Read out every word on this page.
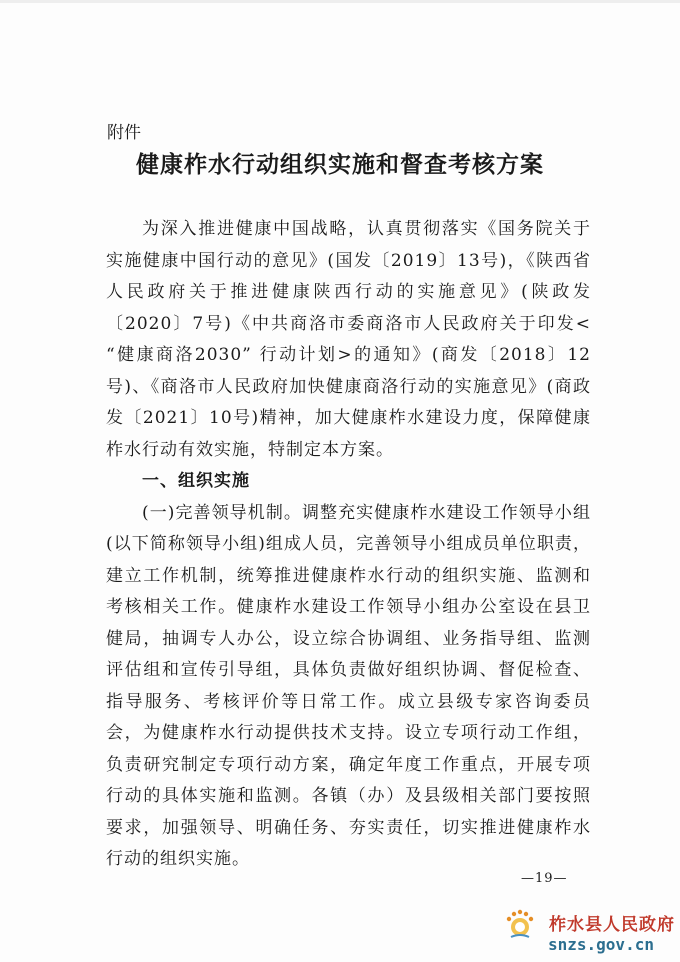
附件
健康柞水行动组织实施和督查考核方案

为深入推进健康中国战略，认真贯彻落实《国务院关于实施健康中国行动的意见》(国发〔2019〕13号)，《陕西省人民政府关于推进健康陕西行动的实施意见》(陕政发〔2020〕7号)《中共商洛市委商洛市人民政府关于印发< “健康商洛2030” 行动计划>的通知》(商发〔2018〕12号)、《商洛市人民政府加快健康商洛行动的实施意见》(商政发〔2021〕10号)精神，加大健康柞水建设力度，保障健康柞水行动有效实施，特制定本方案。

一、组织实施

(一)完善领导机制。调整充实健康柞水建设工作领导小组(以下简称领导小组)组成人员，完善领导小组成员单位职责，建立工作机制，统筹推进健康柞水行动的组织实施、监测和考核相关工作。健康柞水建设工作领导小组办公室设在县卫健局，抽调专人办公，设立综合协调组、业务指导组、监测评估组和宣传引导组，具体负责做好组织协调、督促检查、指导服务、考核评价等日常工作。成立县级专家咨询委员会，为健康柞水行动提供技术支持。设立专项行动工作组，负责研究制定专项行动方案，确定年度工作重点，开展专项行动的具体实施和监测。各镇（办）及县级相关部门要按照要求，加强领导、明确任务、夯实责任，切实推进健康柞水行动的组织实施。

—19—
柞水县人民政府
snzs.gov.cn
